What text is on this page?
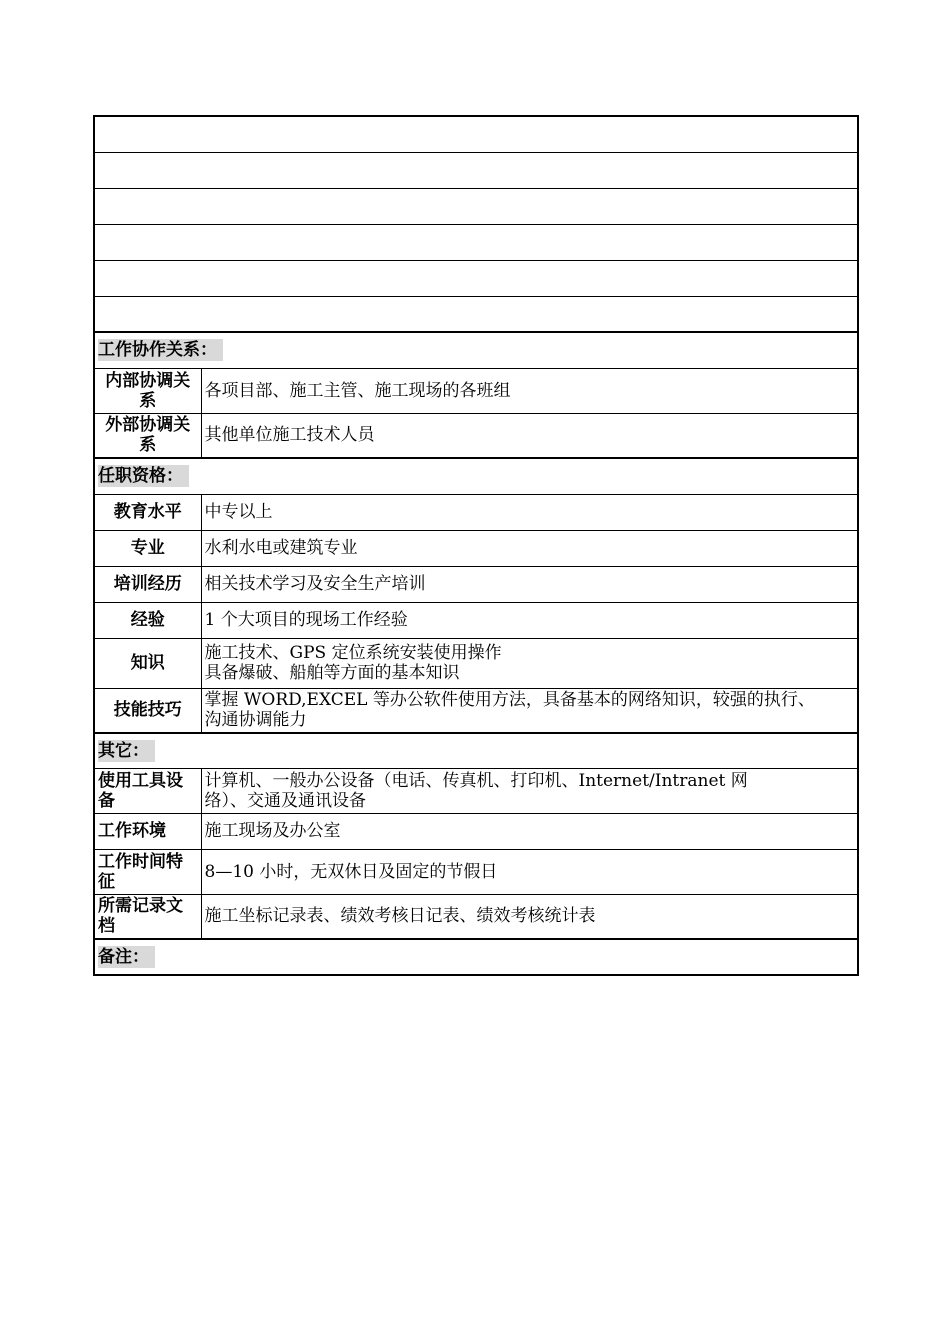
工作协作关系：	
内部协调关系	各项目部、施工主管、施工现场的各班组
外部协调关系	其他单位施工技术人员
任职资格：	
教育水平	中专以上
专业	水利水电或建筑专业
培训经历	相关技术学习及安全生产培训
经验	1 个大项目的现场工作经验
知识	施工技术、GPS 定位系统安装使用操作
具备爆破、船舶等方面的基本知识

技能技巧	掌握 WORD,EXCEL 等办公软件使用方法，具备基本的网络知识，较强的执行、
沟通协调能力

其它：	
使用工具设备	计算机、一般办公设备（电话、传真机、打印机、Internet/Intranet 网
络）、交通及通讯设备

工作环境	施工现场及办公室
工作时间特征	8—10 小时，无双休日及固定的节假日
所需记录文档	施工坐标记录表、绩效考核日记表、绩效考核统计表
备注：	
